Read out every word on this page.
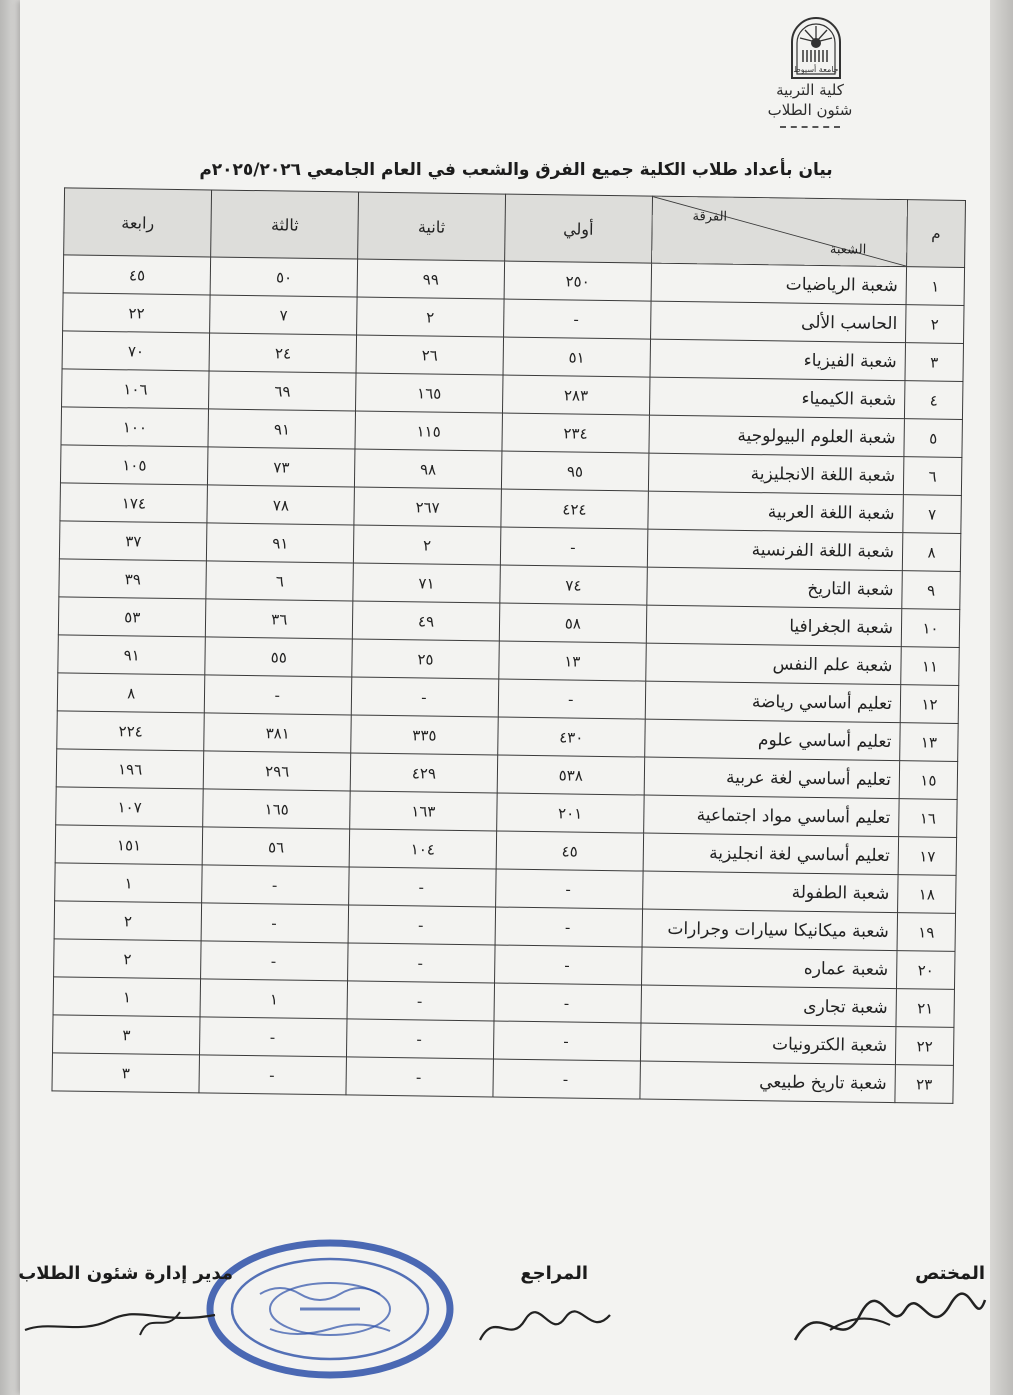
جامعة أسيوط
كلية التربية
شئون الطلاب
بيان بأعداد طلاب الكلية جميع الفرق والشعب في العام الجامعي ٢٠٢٥/٢٠٢٦م
م	الفرقة
الشعبة	أولي	ثانية	ثالثة	رابعة
١	شعبة الرياضيات	٢٥٠	٩٩	٥٠	٤٥
٢	الحاسب الألى	-	٢	٧	٢٢
٣	شعبة الفيزياء	٥١	٢٦	٢٤	٧٠
٤	شعبة الكيمياء	٢٨٣	١٦٥	٦٩	١٠٦
٥	شعبة العلوم البيولوجية	٢٣٤	١١٥	٩١	١٠٠
٦	شعبة اللغة الانجليزية	٩٥	٩٨	٧٣	١٠٥
٧	شعبة اللغة العربية	٤٢٤	٢٦٧	٧٨	١٧٤
٨	شعبة اللغة الفرنسية	-	٢	٩١	٣٧
٩	شعبة التاريخ	٧٤	٧١	٦	٣٩
١٠	شعبة الجغرافيا	٥٨	٤٩	٣٦	٥٣
١١	شعبة علم النفس	١٣	٢٥	٥٥	٩١
١٢	تعليم أساسي رياضة	-	-	-	٨
١٣	تعليم أساسي علوم	٤٣٠	٣٣٥	٣٨١	٢٢٤
١٥	تعليم أساسي لغة عربية	٥٣٨	٤٢٩	٢٩٦	١٩٦
١٦	تعليم أساسي مواد اجتماعية	٢٠١	١٦٣	١٦٥	١٠٧
١٧	تعليم أساسي لغة انجليزية	٤٥	١٠٤	٥٦	١٥١
١٨	شعبة الطفولة	-	-	-	١
١٩	شعبة ميكانيكا سيارات وجرارات	-	-	-	٢
٢٠	شعبة عماره	-	-	-	٢
٢١	شعبة تجارى	-	-	١	١
٢٢	شعبة الكترونيات	-	-	-	٣
٢٣	شعبة تاريخ طبيعي	-	-	-	٣
المختص
المراجع
مدير إدارة شئون الطلاب
